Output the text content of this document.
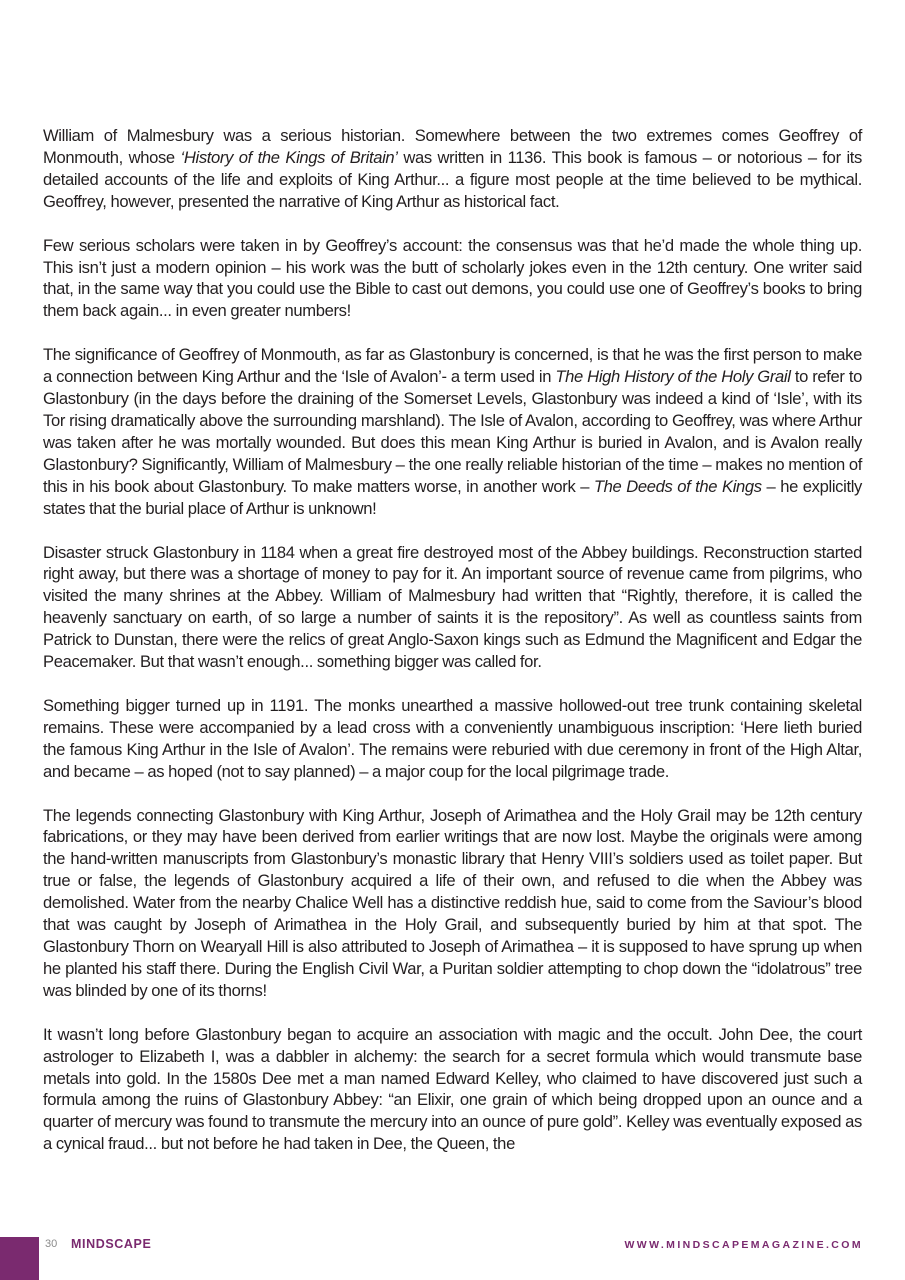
William of Malmesbury was a serious historian. Somewhere between the two extremes comes Geoffrey of Monmouth, whose ‘History of the Kings of Britain’ was written in 1136. This book is famous – or notorious – for its detailed accounts of the life and exploits of King Arthur... a figure most people at the time believed to be mythical. Geoffrey, however, presented the narrative of King Arthur as historical fact.

Few serious scholars were taken in by Geoffrey’s account: the consensus was that he’d made the whole thing up. This isn’t just a modern opinion – his work was the butt of scholarly jokes even in the 12th century. One writer said that, in the same way that you could use the Bible to cast out demons, you could use one of Geoffrey’s books to bring them back again... in even greater numbers!

The significance of Geoffrey of Monmouth, as far as Glastonbury is concerned, is that he was the first person to make a connection between King Arthur and the ‘Isle of Avalon’- a term used in The High History of the Holy Grail to refer to Glastonbury (in the days before the draining of the Somerset Levels, Glastonbury was indeed a kind of ‘Isle’, with its Tor rising dramatically above the surrounding marshland). The Isle of Avalon, according to Geoffrey, was where Arthur was taken after he was mortally wounded. But does this mean King Arthur is buried in Avalon, and is Avalon really Glastonbury? Significantly, William of Malmesbury – the one really reliable historian of the time – makes no mention of this in his book about Glastonbury. To make matters worse, in another work – The Deeds of the Kings – he explicitly states that the burial place of Arthur is unknown!

Disaster struck Glastonbury in 1184 when a great fire destroyed most of the Abbey buildings. Reconstruction started right away, but there was a shortage of money to pay for it. An important source of revenue came from pilgrims, who visited the many shrines at the Abbey. William of Malmesbury had written that “Rightly, therefore, it is called the heavenly sanctuary on earth, of so large a number of saints it is the repository”. As well as countless saints from Patrick to Dunstan, there were the relics of great Anglo-Saxon kings such as Edmund the Magnificent and Edgar the Peacemaker. But that wasn’t enough... something bigger was called for.

Something bigger turned up in 1191. The monks unearthed a massive hollowed-out tree trunk containing skeletal remains. These were accompanied by a lead cross with a conveniently unambiguous inscription: ‘Here lieth buried the famous King Arthur in the Isle of Avalon’. The remains were reburied with due ceremony in front of the High Altar, and became – as hoped (not to say planned) – a major coup for the local pilgrimage trade.

The legends connecting Glastonbury with King Arthur, Joseph of Arimathea and the Holy Grail may be 12th century fabrications, or they may have been derived from earlier writings that are now lost. Maybe the originals were among the hand-written manuscripts from Glastonbury’s monastic library that Henry VIII’s soldiers used as toilet paper. But true or false, the legends of Glastonbury acquired a life of their own, and refused to die when the Abbey was demolished. Water from the nearby Chalice Well has a distinctive reddish hue, said to come from the Saviour’s blood that was caught by Joseph of Arimathea in the Holy Grail, and subsequently buried by him at that spot. The Glastonbury Thorn on Wearyall Hill is also attributed to Joseph of Arimathea – it is supposed to have sprung up when he planted his staff there. During the English Civil War, a Puritan soldier attempting to chop down the “idolatrous” tree was blinded by one of its thorns!

It wasn’t long before Glastonbury began to acquire an association with magic and the occult. John Dee, the court astrologer to Elizabeth I, was a dabbler in alchemy: the search for a secret formula which would transmute base metals into gold. In the 1580s Dee met a man named Edward Kelley, who claimed to have discovered just such a formula among the ruins of Glastonbury Abbey: “an Elixir, one grain of which being dropped upon an ounce and a quarter of mercury was found to transmute the mercury into an ounce of pure gold”. Kelley was eventually exposed as a cynical fraud... but not before he had taken in Dee, the Queen, the

30 MINDSCAPE	WWW.MINDSCAPEMAGAZINE.COM
